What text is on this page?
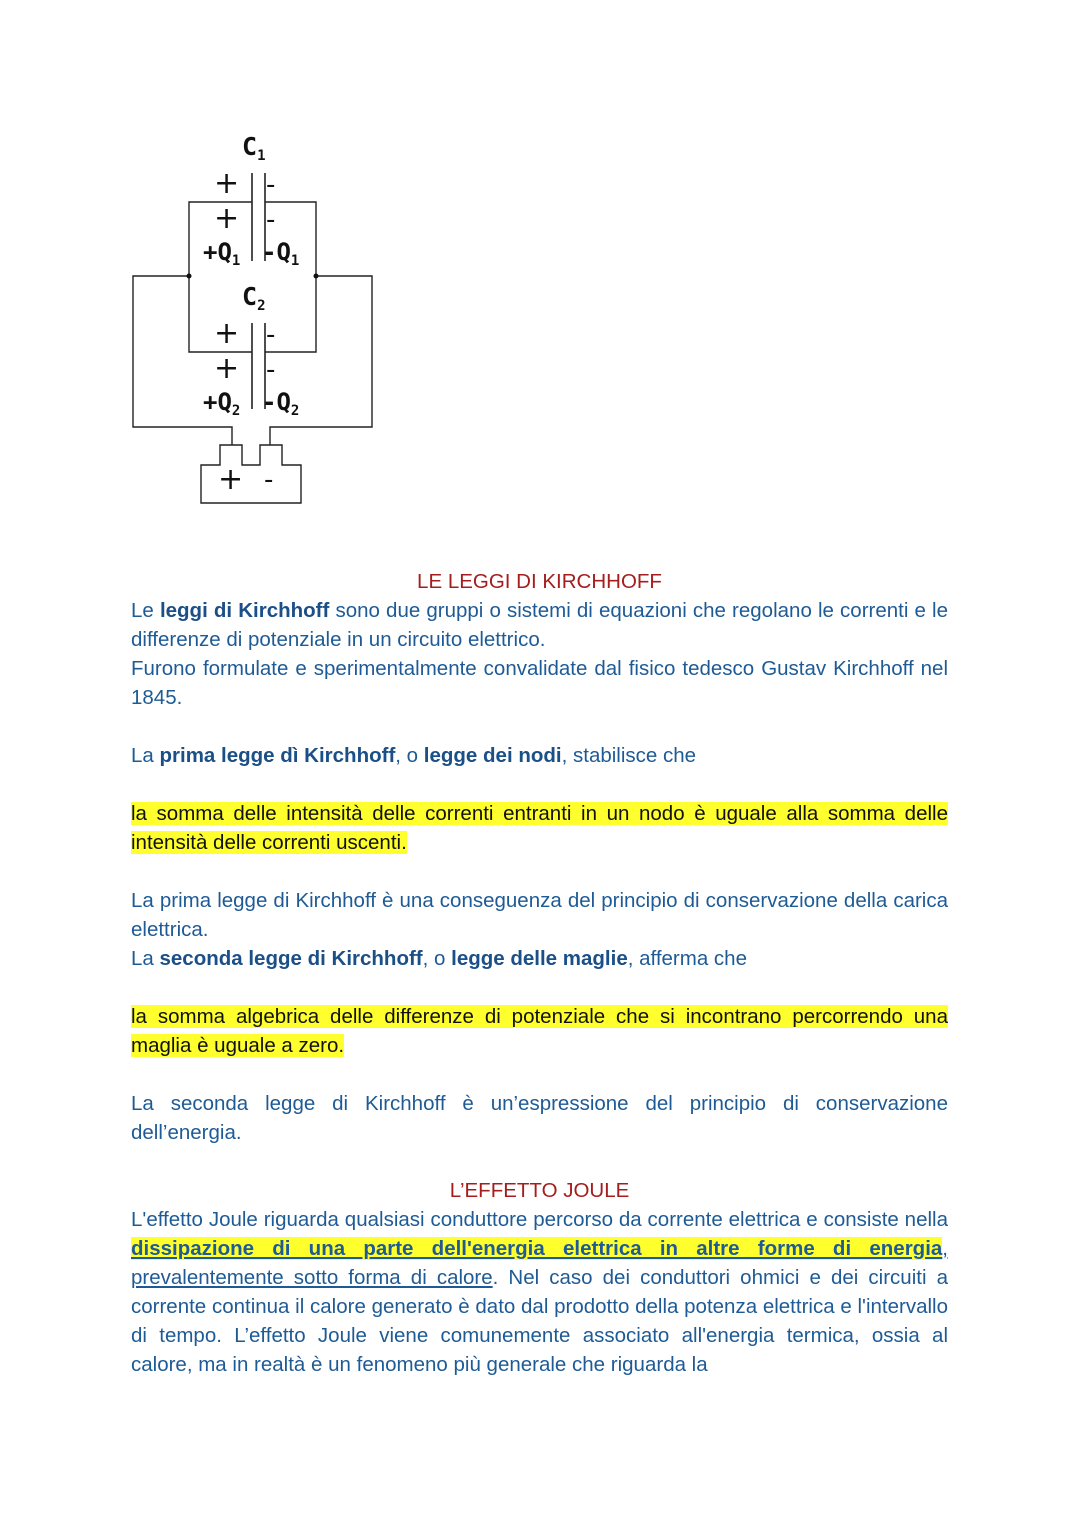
$C_1$
+ -
+ -
$+Q_1$ $-Q_1$
$C_2$
+ -
+ -
$+Q_2$ $-Q_2$
+ -

LE LEGGI DI KIRCHHOFF

Le leggi di Kirchhoff sono due gruppi o sistemi di equazioni che regolano le correnti e le differenze di potenziale in un circuito elettrico.

Furono formulate e sperimentalmente convalidate dal fisico tedesco Gustav Kirchhoff nel 1845.

La prima legge dì Kirchhoff, o legge dei nodi, stabilisce che

la somma delle intensità delle correnti entranti in un nodo è uguale alla somma delle intensità delle correnti uscenti.

La prima legge di Kirchhoff è una conseguenza del principio di conservazione della carica elettrica.

La seconda legge di Kirchhoff, o legge delle maglie, afferma che

la somma algebrica delle differenze di potenziale che si incontrano percorrendo una maglia è uguale a zero.

La seconda legge di Kirchhoff è un’espressione del principio di conservazione dell’energia.

L’EFFETTO JOULE

L'effetto Joule riguarda qualsiasi conduttore percorso da corrente elettrica e consiste nella dissipazione di una parte dell'energia elettrica in altre forme di energia, prevalentemente sotto forma di calore. Nel caso dei conduttori ohmici e dei circuiti a corrente continua il calore generato è dato dal prodotto della potenza elettrica e l'intervallo di tempo. L’effetto Joule viene comunemente associato all'energia termica, ossia al calore, ma in realtà è un fenomeno più generale che riguarda la
